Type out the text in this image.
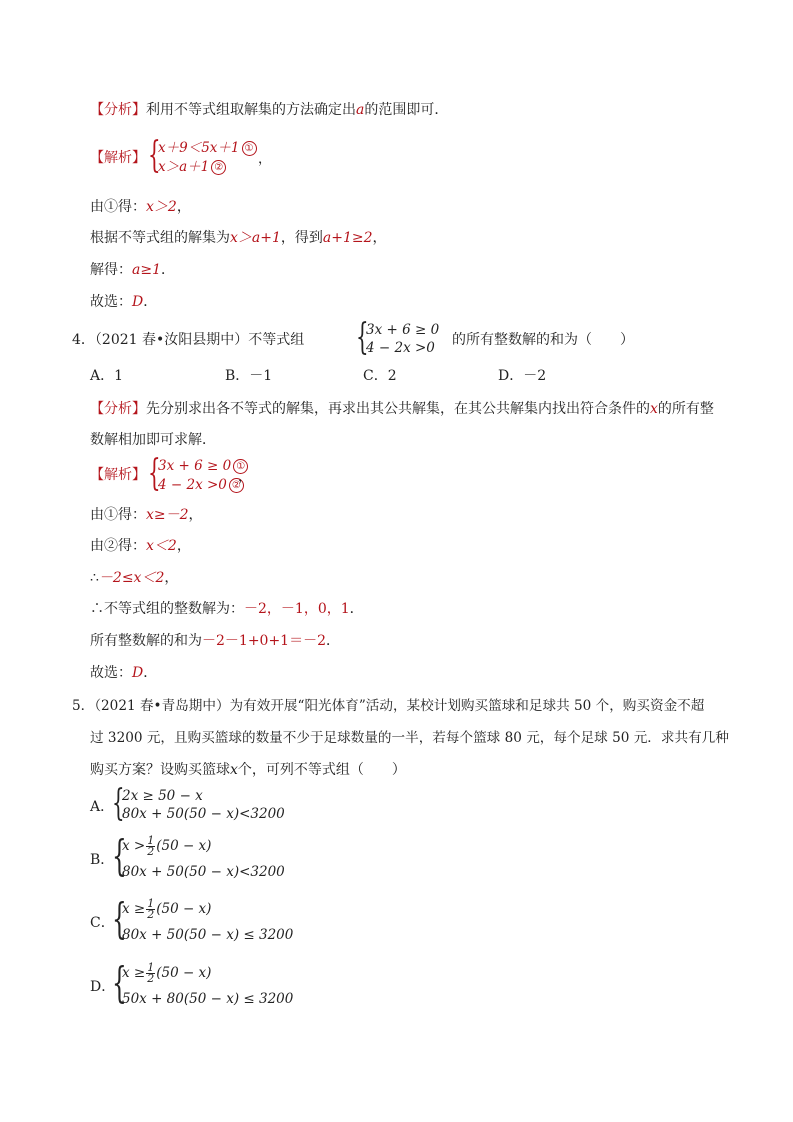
【分析】利用不等式组取解集的方法确定出a的范围即可．
【解析】 {
x＋9＜5x＋1 ①
x＞a＋1 ②
，
由①得：x＞2，
根据不等式组的解集为x＞a+1，得到a+1≥2，
解得：a≥1．
故选：D．
4．（2021 春•汝阳县期中）不等式组 {
3x + 6 ≥ 0
4 − 2x >0 的所有整数解的和为（　　）
A．1	B．－1	C．2	D．－2
【分析】先分别求出各不等式的解集，再求出其公共解集，在其公共解集内找出符合条件的x的所有整
数解相加即可求解．
【解析】 {
3x + 6 ≥ 0 ①
4 − 2x >0 ②
，
由①得：x≥－2，
由②得：x＜2，
∴－2≤x＜2，
∴不等式组的整数解为：－2，－1，0，1．
所有整数解的和为－2－1+0+1＝－2．
故选：D．
5．（2021 春•青岛期中）为有效开展“阳光体育”活动，某校计划购买篮球和足球共 50 个，购买资金不超
过 3200 元，且购买篮球的数量不少于足球数量的一半，若每个篮球 80 元，每个足球 50 元．求共有几种
购买方案？设购买篮球x个，可列不等式组（　　）
A．
{
2x ≥ 50 − x
80x + 50(50 − x)<3200
B．
{
$x > \frac{1}{2} (50 - x)$
80x + 50(50 − x)<3200
C．
{
$x \ge \frac{1}{2} (50 - x)$
80x + 50(50 − x) ≤ 3200
D．
{
$x \ge \frac{1}{2} (50 - x)$
50x + 80(50 − x) ≤ 3200
